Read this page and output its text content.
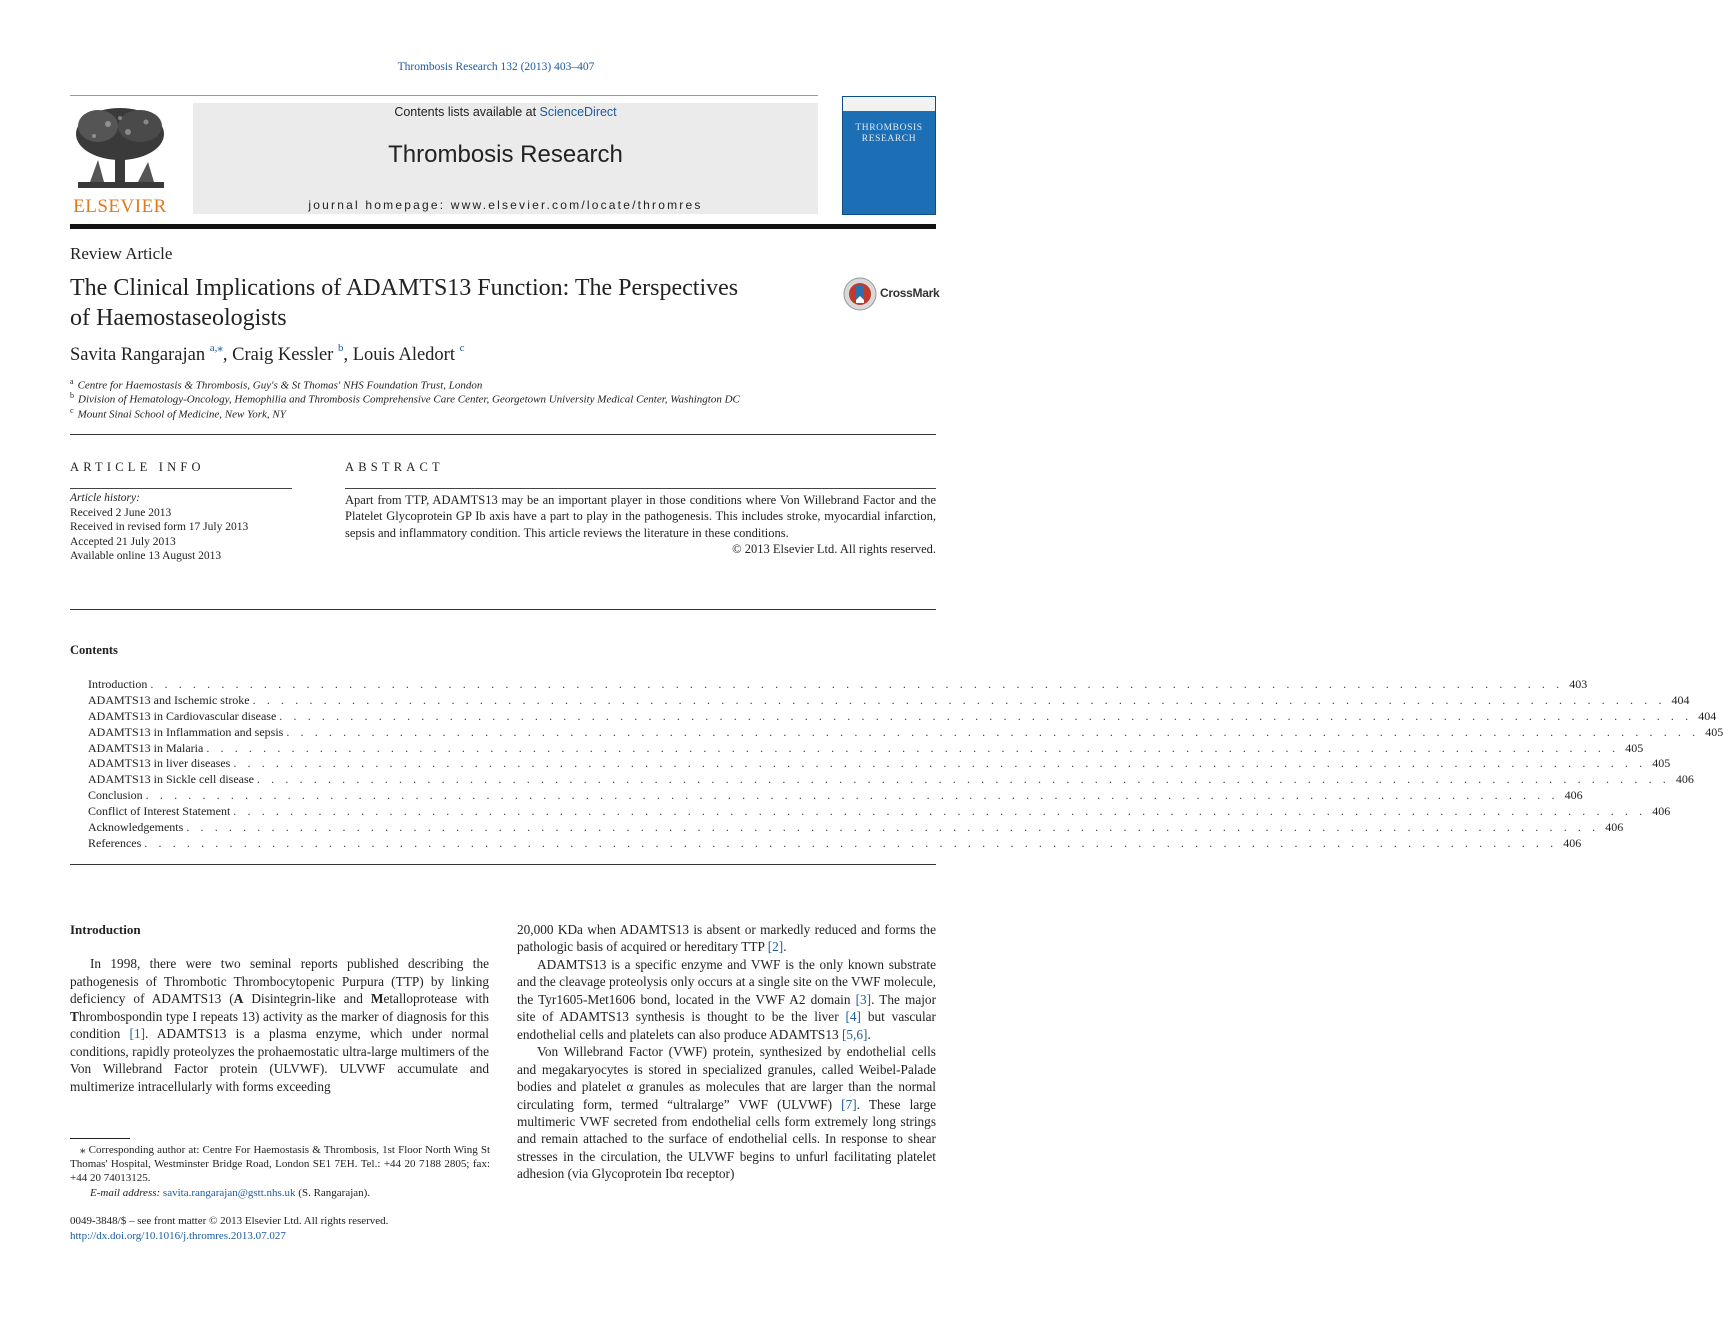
Thrombosis Research 132 (2013) 403–407
ELSEVIER
Contents lists available at ScienceDirect
Thrombosis Research
journal homepage: www.elsevier.com/locate/thromres
THROMBOSIS
RESEARCH
Review Article
The Clinical Implications of ADAMTS13 Function: The Perspectives
of Haemostaseologists
CrossMark
Savita Rangarajan $^{a,⁎}$, Craig Kessler $^b$, Louis Aledort $^c$
$^a$ Centre for Haemostasis & Thrombosis, Guy's & St Thomas' NHS Foundation Trust, London
$^b$ Division of Hematology-Oncology, Hemophilia and Thrombosis Comprehensive Care Center, Georgetown University Medical Center, Washington DC
$^c$ Mount Sinai School of Medicine, New York, NY
ARTICLE INFO
Article history:
Received 2 June 2013
Received in revised form 17 July 2013
Accepted 21 July 2013
Available online 13 August 2013
ABSTRACT
Apart from TTP, ADAMTS13 may be an important player in those conditions where Von Willebrand Factor and the Platelet Glycoprotein GP Ib axis have a part to play in the pathogenesis. This includes stroke, myocardial infarction, sepsis and inflammatory condition. This article reviews the literature in these conditions.
© 2013 Elsevier Ltd. All rights reserved.
Contents
Introduction . . . . . . . . . . . . . . . . . . . . . . . . . . . . . . . . . . . . . . . . . . . . . . . . . . . . . . . . . . . . . . . . . . . . . . . . . . . . . . . . . . . . . . . . . . . . . . . . . . . . 403
ADAMTS13 and Ischemic stroke . . . . . . . . . . . . . . . . . . . . . . . . . . . . . . . . . . . . . . . . . . . . . . . . . . . . . . . . . . . . . . . . . . . . . . . . . . . . . . . . . . . . . . . . . . . . . . . . . . . . 404
ADAMTS13 in Cardiovascular disease . . . . . . . . . . . . . . . . . . . . . . . . . . . . . . . . . . . . . . . . . . . . . . . . . . . . . . . . . . . . . . . . . . . . . . . . . . . . . . . . . . . . . . . . . . . . . . . . . . . . 404
ADAMTS13 in Inflammation and sepsis . . . . . . . . . . . . . . . . . . . . . . . . . . . . . . . . . . . . . . . . . . . . . . . . . . . . . . . . . . . . . . . . . . . . . . . . . . . . . . . . . . . . . . . . . . . . . . . . . . . . 405
ADAMTS13 in Malaria . . . . . . . . . . . . . . . . . . . . . . . . . . . . . . . . . . . . . . . . . . . . . . . . . . . . . . . . . . . . . . . . . . . . . . . . . . . . . . . . . . . . . . . . . . . . . . . . . . . . 405
ADAMTS13 in liver diseases . . . . . . . . . . . . . . . . . . . . . . . . . . . . . . . . . . . . . . . . . . . . . . . . . . . . . . . . . . . . . . . . . . . . . . . . . . . . . . . . . . . . . . . . . . . . . . . . . . . . 405
ADAMTS13 in Sickle cell disease . . . . . . . . . . . . . . . . . . . . . . . . . . . . . . . . . . . . . . . . . . . . . . . . . . . . . . . . . . . . . . . . . . . . . . . . . . . . . . . . . . . . . . . . . . . . . . . . . . . . 406
Conclusion . . . . . . . . . . . . . . . . . . . . . . . . . . . . . . . . . . . . . . . . . . . . . . . . . . . . . . . . . . . . . . . . . . . . . . . . . . . . . . . . . . . . . . . . . . . . . . . . . . . . 406
Conflict of Interest Statement . . . . . . . . . . . . . . . . . . . . . . . . . . . . . . . . . . . . . . . . . . . . . . . . . . . . . . . . . . . . . . . . . . . . . . . . . . . . . . . . . . . . . . . . . . . . . . . . . . . . 406
Acknowledgements . . . . . . . . . . . . . . . . . . . . . . . . . . . . . . . . . . . . . . . . . . . . . . . . . . . . . . . . . . . . . . . . . . . . . . . . . . . . . . . . . . . . . . . . . . . . . . . . . . . . 406
References . . . . . . . . . . . . . . . . . . . . . . . . . . . . . . . . . . . . . . . . . . . . . . . . . . . . . . . . . . . . . . . . . . . . . . . . . . . . . . . . . . . . . . . . . . . . . . . . . . . . 406

Introduction

In 1998, there were two seminal reports published describing the pathogenesis of Thrombotic Thrombocytopenic Purpura (TTP) by linking deficiency of ADAMTS13 (A Disintegrin-like and Metalloprotease with Thrombospondin type I repeats 13) activity as the marker of diagnosis for this condition [1]. ADAMTS13 is a plasma enzyme, which under normal conditions, rapidly proteolyzes the prohaemostatic ultra-large multimers of the Von Willebrand Factor protein (ULVWF). ULVWF accumulate and multimerize intracellularly with forms exceeding

20,000 KDa when ADAMTS13 is absent or markedly reduced and forms the pathologic basis of acquired or hereditary TTP [2].

ADAMTS13 is a specific enzyme and VWF is the only known substrate and the cleavage proteolysis only occurs at a single site on the VWF molecule, the Tyr1605-Met1606 bond, located in the VWF A2 domain [3]. The major site of ADAMTS13 synthesis is thought to be the liver [4] but vascular endothelial cells and platelets can also produce ADAMTS13 [5,6].

Von Willebrand Factor (VWF) protein, synthesized by endothelial cells and megakaryocytes is stored in specialized granules, called Weibel-Palade bodies and platelet α granules as molecules that are larger than the normal circulating form, termed “ultralarge” VWF (ULVWF) [7]. These large multimeric VWF secreted from endothelial cells form extremely long strings and remain attached to the surface of endothelial cells. In response to shear stresses in the circulation, the ULVWF begins to unfurl facilitating platelet adhesion (via Glycoprotein Ibα receptor)

⁎ Corresponding author at: Centre For Haemostasis & Thrombosis, 1st Floor North Wing St Thomas' Hospital, Westminster Bridge Road, London SE1 7EH. Tel.: +44 20 7188 2805; fax: +44 20 74013125.
E-mail address: savita.rangarajan@gstt.nhs.uk (S. Rangarajan).
0049-3848/$ – see front matter © 2013 Elsevier Ltd. All rights reserved.
http://dx.doi.org/10.1016/j.thromres.2013.07.027
